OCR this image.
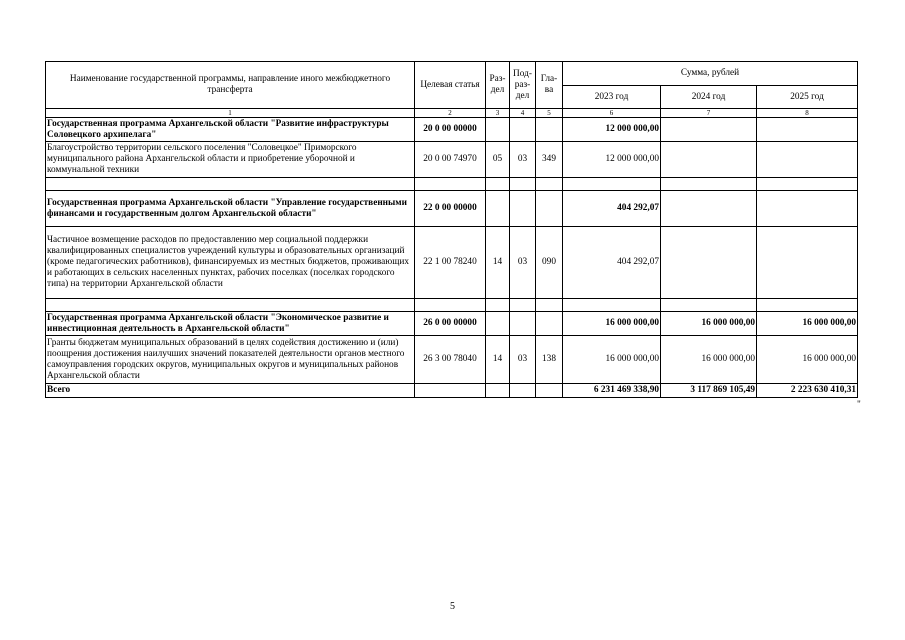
Наименование государственной программы, направление иного межбюджетного трансферта	Целевая статья	Раз- дел	Под- раз- дел	Гла- ва	Сумма, рублей		
					2023 год	2024 год	2025 год
1	2	3	4	5	6	7	8
Государственная программа Архангельской области "Развитие инфраструктуры Соловецкого архипелага"	20 0 00 00000				12 000 000,00		
Благоустройство территории сельского поселения "Соловецкое" Приморского муниципального района Архангельской области и приобретение уборочной и коммунальной техники	20 0 00 74970	05	03	349	12 000 000,00		

Государственная программа Архангельской области "Управление государственными финансами и государственным долгом Архангельской области"	22 0 00 00000				404 292,07		
Частичное возмещение расходов по предоставлению мер социальной поддержки квалифицированных специалистов учреждений культуры и образовательных организаций (кроме педагогических работников), финансируемых из местных бюджетов, проживающих и работающих в сельских населенных пунктах, рабочих поселках (поселках городского типа) на территории Архангельской области	22 1 00 78240	14	03	090	404 292,07		

Государственная программа Архангельской области "Экономическое развитие и инвестиционная деятельность в Архангельской области"	26 0 00 00000				16 000 000,00	16 000 000,00	16 000 000,00
Гранты бюджетам муниципальных образований в целях содействия достижению и (или) поощрения достижения наилучших значений показателей деятельности органов местного самоуправления городских округов, муниципальных округов и муниципальных районов Архангельской области	26 3 00 78040	14	03	138	16 000 000,00	16 000 000,00	16 000 000,00
Всего					6 231 469 338,90	3 117 869 105,49	2 223 630 410,31
"
5
